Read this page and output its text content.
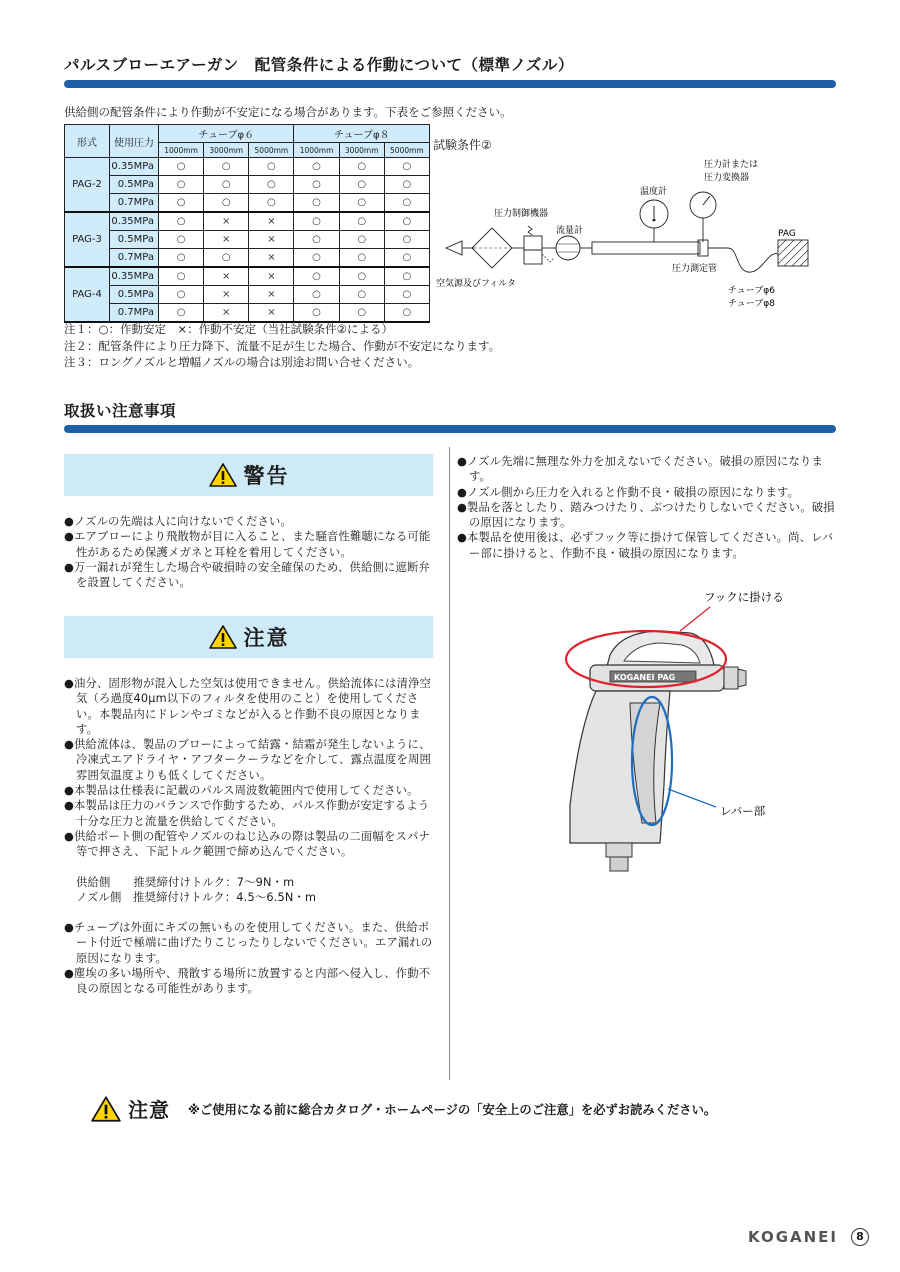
パルスブローエアーガン　配管条件による作動について（標準ノズル）
供給側の配管条件により作動が不安定になる場合があります。下表をご参照ください。
形式	使用圧力	チューブφ６			チューブφ８		
		1000mm	3000mm	5000mm	1000mm	3000mm	5000mm
PAG-2	0.35MPa	○	○	○	○	○	○
	0.5MPa	○	○	○	○	○	○
	0.7MPa	○	○	○	○	○	○
PAG-3	0.35MPa	○	×	×	○	○	○
	0.5MPa	○	×	×	○	○	○
	0.7MPa	○	○	×	○	○	○
PAG-4	0.35MPa	○	×	×	○	○	○
	0.5MPa	○	×	×	○	○	○
	0.7MPa	○	×	×	○	○	○
試験条件②
圧力計または
圧力変換器
温度計
圧力制御機器
流量計	PAG
圧力測定管
空気源及びフィルタ
チューブφ6
チューブφ8
注１：○：作動安定　×：作動不安定（当社試験条件②による）
注２：配管条件により圧力降下、流量不足が生じた場合、作動が不安定になります。
注３：ロングノズルと増幅ノズルの場合は別途お問い合せください。
取扱い注意事項
警告

●ノズルの先端は人に向けないでください。

●エアブローにより飛散物が目に入ること、また騒音性難聴になる可能性があるため保護メガネと耳栓を着用してください。

●万一漏れが発生した場合や破損時の安全確保のため、供給側に遮断弁を設置してください。

注意

●油分、固形物が混入した空気は使用できません。供給流体には清浄空気（ろ過度40μm以下のフィルタを使用のこと）を使用してください。本製品内にドレンやゴミなどが入ると作動不良の原因となります。

●供給流体は、製品のブローによって結露・結霜が発生しないように、冷凍式エアドライヤ・アフタークーラなどを介して、露点温度を周囲雰囲気温度よりも低くしてください。

●本製品は仕様表に記載のパルス周波数範囲内で使用してください。

●本製品は圧力のバランスで作動するため、パルス作動が安定するよう十分な圧力と流量を供給してください。

●供給ポート側の配管やノズルのねじ込みの際は製品の二面幅をスパナ等で押さえ、下記トルク範囲で締め込んでください。

供給側　　推奨締付けトルク：7〜9N・m

ノズル側　推奨締付けトルク：4.5〜6.5N・m

●チューブは外面にキズの無いものを使用してください。また、供給ポート付近で極端に曲げたりこじったりしないでください。エア漏れの原因になります。

●塵埃の多い場所や、飛散する場所に放置すると内部へ侵入し、作動不良の原因となる可能性があります。

●ノズル先端に無理な外力を加えないでください。破損の原因になります。

●ノズル側から圧力を入れると作動不良・破損の原因になります。

●製品を落としたり、踏みつけたり、ぶつけたりしないでください。破損の原因になります。

●本製品を使用後は、必ずフック等に掛けて保管してください。尚、レバー部に掛けると、作動不良・破損の原因になります。

フックに掛ける
KOGANEI PAG
レバー部
注意 ※ご使用になる前に総合カタログ・ホームページの「安全上のご注意」を必ずお読みください。
KOGANEI	8
